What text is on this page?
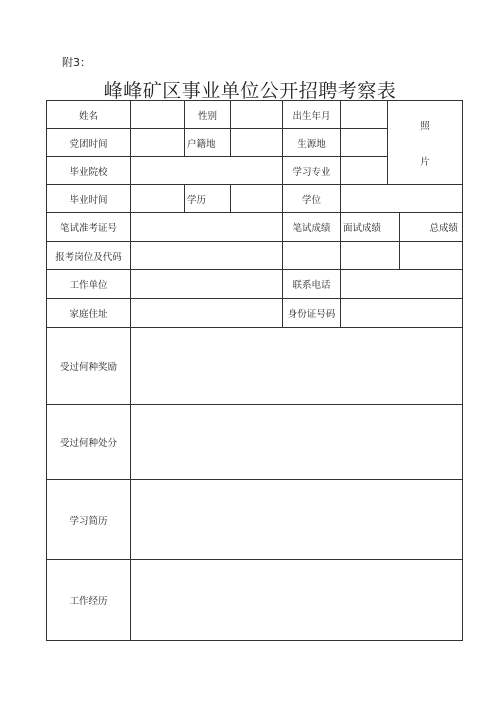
附3：
峰峰矿区事业单位公开招聘考察表
姓名		性别		出生年月		照
片	

党团时间		户籍地		生源地			
毕业院校				学习专业			
毕业时间		学历		学位			
笔试准考证号				笔试成绩	面试成绩		总成绩
报考岗位及代码							
工作单位				联系电话			
家庭住址				身份证号码			
受过何种奖励							
受过何种处分							
学习简历							
工作经历							
